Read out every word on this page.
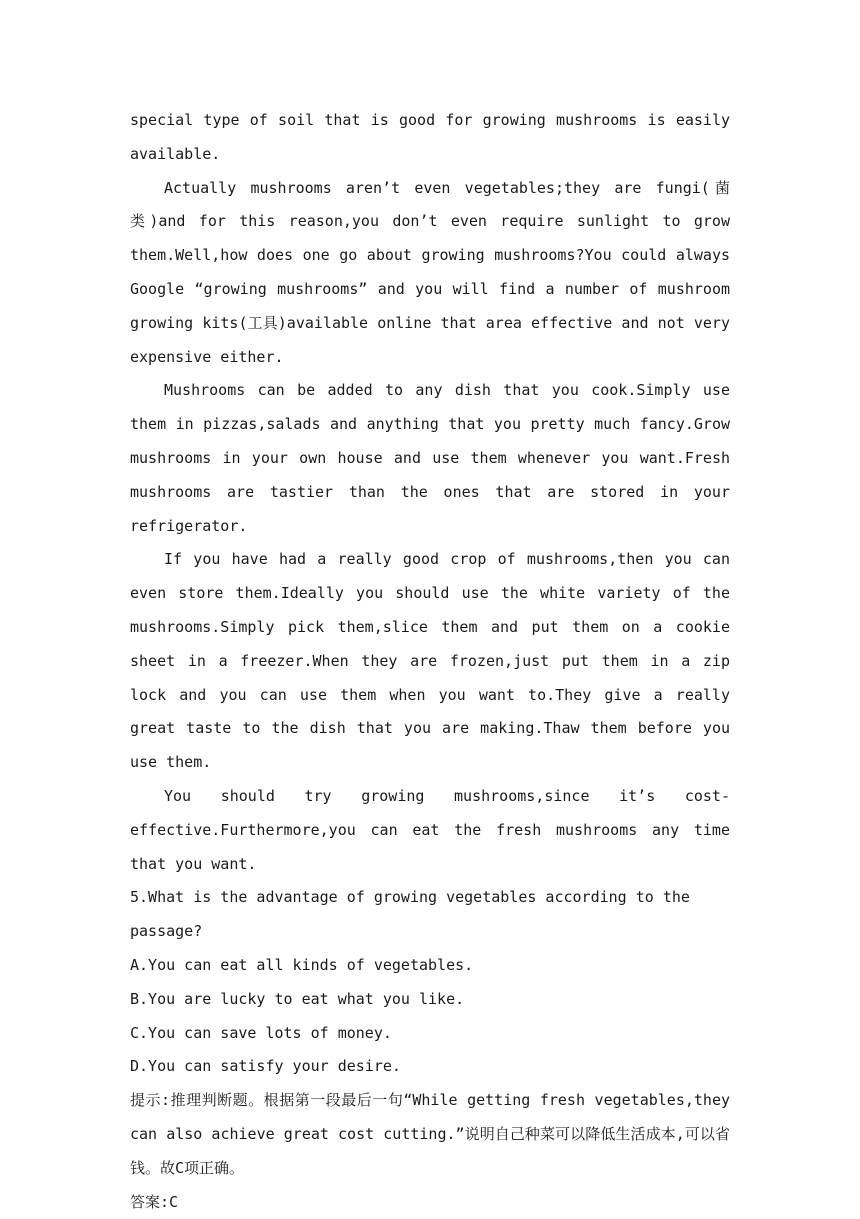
special type of soil that is good for growing mushrooms is easily available.

Actually mushrooms aren’t even vegetables;they are fungi(菌类)and for this reason,you don’t even require sunlight to grow them.Well,how does one go about growing mushrooms?You could always Google “growing mushrooms” and you will find a number of mushroom growing kits(工具)available online that area effective and not very expensive either.

Mushrooms can be added to any dish that you cook.Simply use them in pizzas,salads and anything that you pretty much fancy.Grow mushrooms in your own house and use them whenever you want.Fresh mushrooms are tastier than the ones that are stored in your refrigerator.

If you have had a really good crop of mushrooms,then you can even store them.Ideally you should use the white variety of the mushrooms.Simply pick them,slice them and put them on a cookie sheet in a freezer.When they are frozen,just put them in a zip lock and you can use them when you want to.They give a really great taste to the dish that you are making.Thaw them before you use them.

You should try growing mushrooms,since it’s cost-effective.Furthermore,you can eat the fresh mushrooms any time that you want.

5.What is the advantage of growing vegetables according to the passage?

A.You can eat all kinds of vegetables.

B.You are lucky to eat what you like.

C.You can save lots of money.

D.You can satisfy your desire.

提示:推理判断题。根据第一段最后一句“While getting fresh vegetables,they can also achieve great cost cutting.”说明自己种菜可以降低生活成本,可以省钱。故C项正确。

答案:C
